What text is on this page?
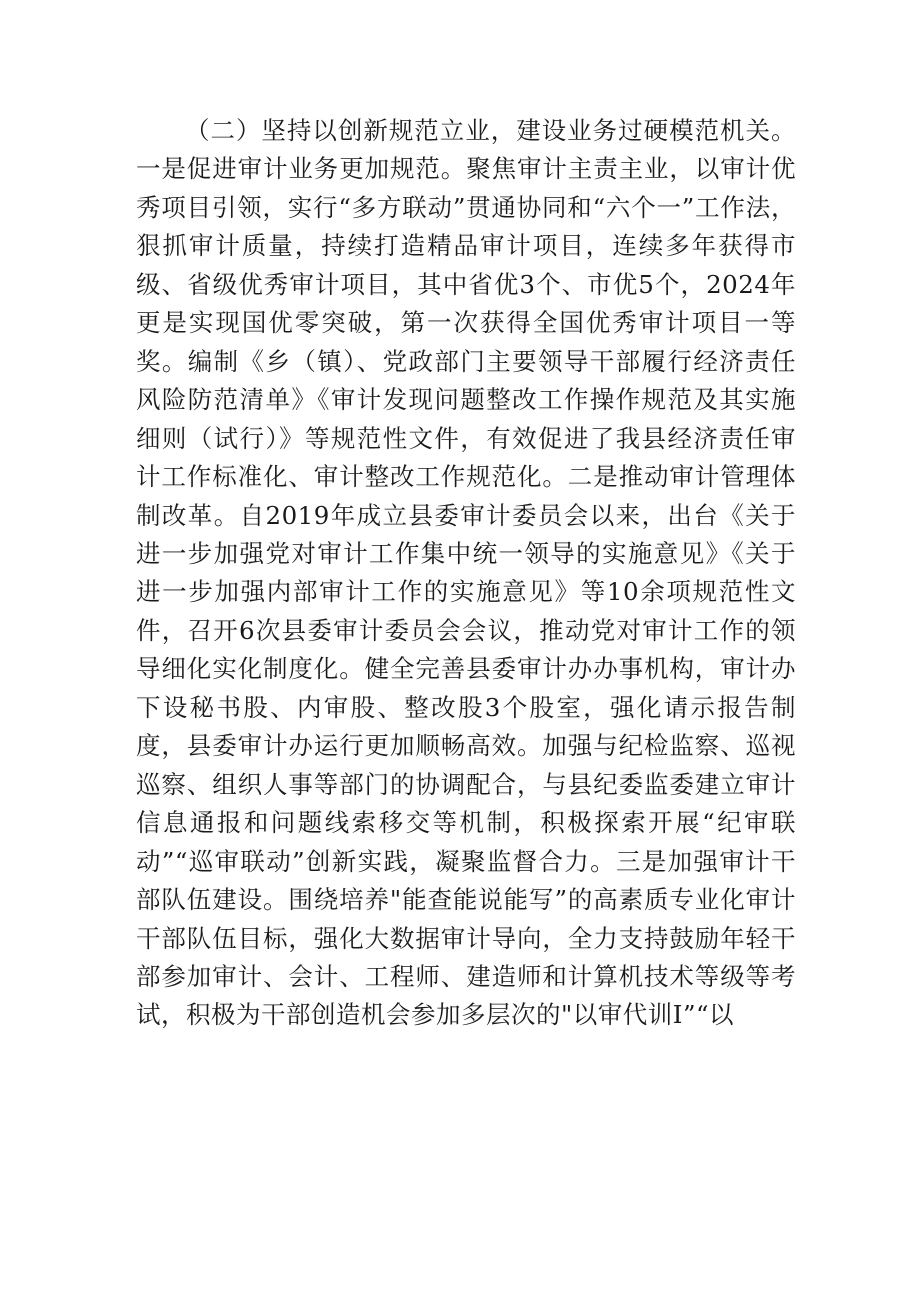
（二）坚持以创新规范立业，建设业务过硬模范机关。一是促进审计业务更加规范。聚焦审计主责主业，以审计优秀项目引领，实行“多方联动”贯通协同和“六个一”工作法，狠抓审计质量，持续打造精品审计项目，连续多年获得市级、省级优秀审计项目，其中省优3个、市优5个，2024年更是实现国优零突破，第一次获得全国优秀审计项目一等奖。编制《乡（镇）、党政部门主要领导干部履行经济责任风险防范清单》《审计发现问题整改工作操作规范及其实施细则（试行）》等规范性文件，有效促进了我县经济责任审计工作标准化、审计整改工作规范化。二是推动审计管理体制改革。自2019年成立县委审计委员会以来，出台《关于进一步加强党对审计工作集中统一领导的实施意见》《关于进一步加强内部审计工作的实施意见》等10余项规范性文件，召开6次县委审计委员会会议，推动党对审计工作的领导细化实化制度化。健全完善县委审计办办事机构，审计办下设秘书股、内审股、整改股3个股室，强化请示报告制度，县委审计办运行更加顺畅高效。加强与纪检监察、巡视巡察、组织人事等部门的协调配合，与县纪委监委建立审计信息通报和问题线索移交等机制，积极探索开展“纪审联动”“巡审联动”创新实践，凝聚监督合力。三是加强审计干部队伍建设。围绕培养"能查能说能写”的高素质专业化审计干部队伍目标，强化大数据审计导向，全力支持鼓励年轻干部参加审计、会计、工程师、建造师和计算机技术等级等考试，积极为干部创造机会参加多层次的"以审代训I”“以
